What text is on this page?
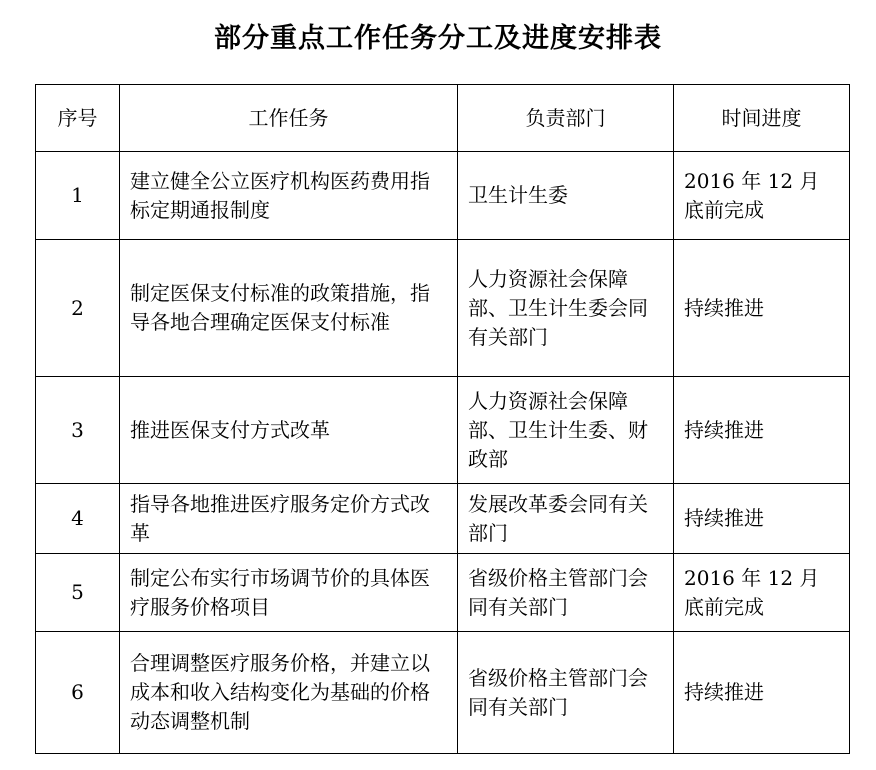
部分重点工作任务分工及进度安排表
序号	工作任务	负责部门	时间进度
1	建立健全公立医疗机构医药费用指标定期通报制度	卫生计生委	2016 年 12 月底前完成
2	制定医保支付标准的政策措施，指导各地合理确定医保支付标准	人力资源社会保障部、卫生计生委会同有关部门	持续推进
3	推进医保支付方式改革	人力资源社会保障部、卫生计生委、财政部	持续推进
4	指导各地推进医疗服务定价方式改革	发展改革委会同有关部门	持续推进
5	制定公布实行市场调节价的具体医疗服务价格项目	省级价格主管部门会同有关部门	2016 年 12 月底前完成
6	合理调整医疗服务价格，并建立以成本和收入结构变化为基础的价格动态调整机制	省级价格主管部门会同有关部门	持续推进
